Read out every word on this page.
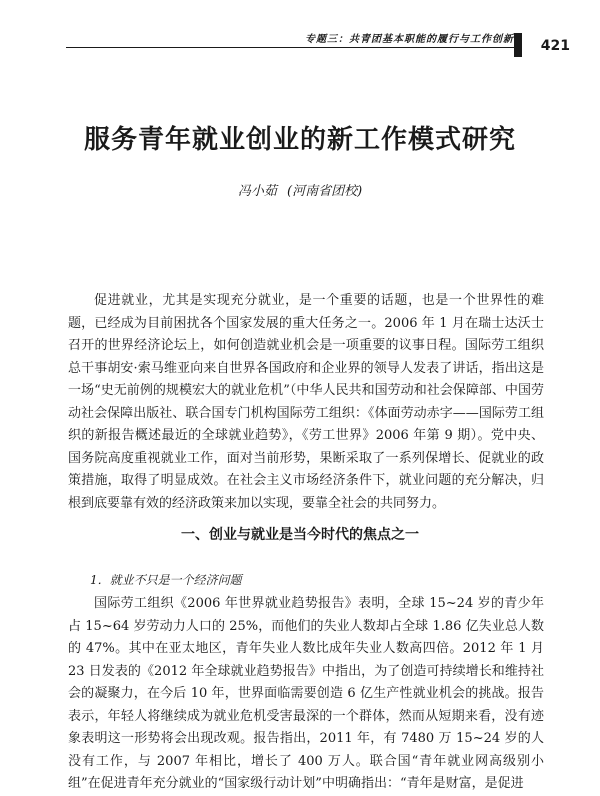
专题三：共青团基本职能的履行与工作创新 421
服务青年就业创业的新工作模式研究
冯小茹 (河南省团校)

促进就业，尤其是实现充分就业，是一个重要的话题，也是一个世界性的难题，已经成为目前困扰各个国家发展的重大任务之一。2006 年 1 月在瑞士达沃士召开的世界经济论坛上，如何创造就业机会是一项重要的议事日程。国际劳工组织总干事胡安·索马维亚向来自世界各国政府和企业界的领导人发表了讲话，指出这是一场“史无前例的规模宏大的就业危机”（中华人民共和国劳动和社会保障部、中国劳动社会保障出版社、联合国专门机构国际劳工组织：《体面劳动赤字——国际劳工组织的新报告概述最近的全球就业趋势》，《劳工世界》2006 年第 9 期）。党中央、国务院高度重视就业工作，面对当前形势，果断采取了一系列保增长、促就业的政策措施，取得了明显成效。在社会主义市场经济条件下，就业问题的充分解决，归根到底要靠有效的经济政策来加以实现，要靠全社会的共同努力。

一、创业与就业是当今时代的焦点之一
1．就业不只是一个经济问题

国际劳工组织《2006 年世界就业趋势报告》表明，全球 15~24 岁的青少年占 15~64 岁劳动力人口的 25%，而他们的失业人数却占全球 1.86 亿失业总人数的 47%。其中在亚太地区，青年失业人数比成年失业人数高四倍。2012 年 1 月 23 日发表的《2012 年全球就业趋势报告》中指出，为了创造可持续增长和维持社会的凝聚力，在今后 10 年，世界面临需要创造 6 亿生产性就业机会的挑战。报告表示，年轻人将继续成为就业危机受害最深的一个群体，然而从短期来看，没有迹象表明这一形势将会出现改观。报告指出，2011 年，有 7480 万 15~24 岁的人没有工作，与 2007 年相比，增长了 400 万人。联合国“青年就业网高级别小组”在促进青年充分就业的“国家级行动计划”中明确指出：“青年是财富，是促进
